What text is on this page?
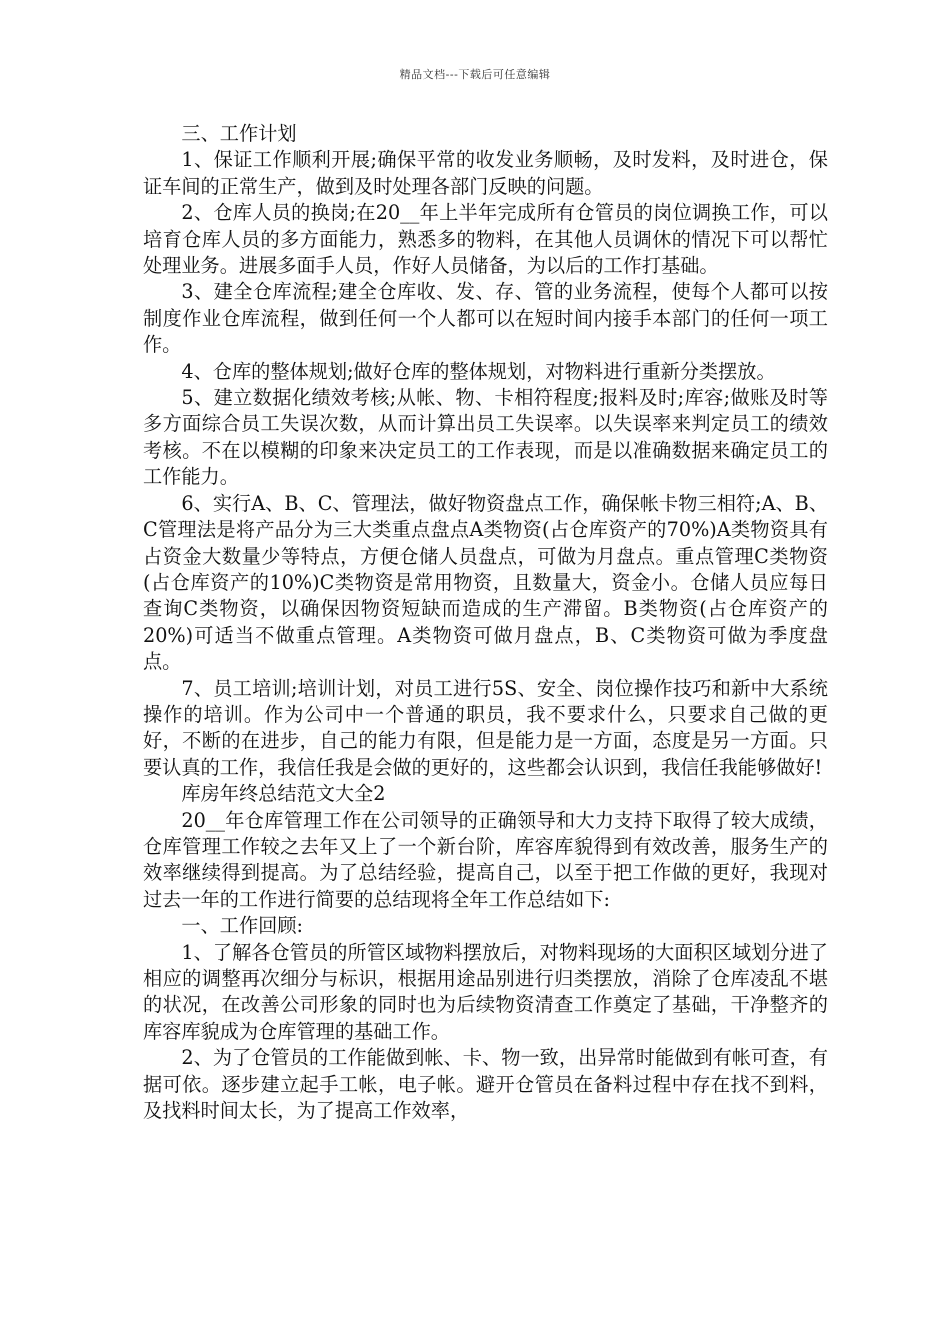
精品文档---下载后可任意编辑

三、工作计划

1、保证工作顺利开展;确保平常的收发业务顺畅，及时发料，及时进仓，保证车间的正常生产，做到及时处理各部门反映的问题。

2、仓库人员的换岗;在20__年上半年完成所有仓管员的岗位调换工作，可以培育仓库人员的多方面能力，熟悉多的物料，在其他人员调休的情况下可以帮忙处理业务。进展多面手人员，作好人员储备，为以后的工作打基础。

3、建全仓库流程;建全仓库收、发、存、管的业务流程，使每个人都可以按制度作业仓库流程，做到任何一个人都可以在短时间内接手本部门的任何一项工作。

4、仓库的整体规划;做好仓库的整体规划，对物料进行重新分类摆放。

5、建立数据化绩效考核;从帐、物、卡相符程度;报料及时;库容;做账及时等多方面综合员工失误次数，从而计算出员工失误率。以失误率来判定员工的绩效考核。不在以模糊的印象来决定员工的工作表现，而是以准确数据来确定员工的工作能力。

6、实行A、B、C、管理法，做好物资盘点工作，确保帐卡物三相符;A、B、C管理法是将产品分为三大类重点盘点A类物资(占仓库资产的70%)A类物资具有占资金大数量少等特点，方便仓储人员盘点，可做为月盘点。重点管理C类物资(占仓库资产的10%)C类物资是常用物资，且数量大，资金小。仓储人员应每日查询C类物资，以确保因物资短缺而造成的生产滞留。B类物资(占仓库资产的20%)可适当不做重点管理。A类物资可做月盘点，B、C类物资可做为季度盘点。

7、员工培训;培训计划，对员工进行5S、安全、岗位操作技巧和新中大系统操作的培训。作为公司中一个普通的职员，我不要求什么，只要求自己做的更好，不断的在进步，自己的能力有限，但是能力是一方面，态度是另一方面。只要认真的工作，我信任我是会做的更好的，这些都会认识到，我信任我能够做好!

库房年终总结范文大全2

20__年仓库管理工作在公司领导的正确领导和大力支持下取得了较大成绩，仓库管理工作较之去年又上了一个新台阶，库容库貌得到有效改善，服务生产的效率继续得到提高。为了总结经验，提高自己，以至于把工作做的更好，我现对过去一年的工作进行简要的总结现将全年工作总结如下:

一、工作回顾:

1、了解各仓管员的所管区域物料摆放后，对物料现场的大面积区域划分进了相应的调整再次细分与标识，根据用途品别进行归类摆放，消除了仓库凌乱不堪的状况，在改善公司形象的同时也为后续物资清查工作奠定了基础，干净整齐的库容库貌成为仓库管理的基础工作。

2、为了仓管员的工作能做到帐、卡、物一致，出异常时能做到有帐可查，有据可依。逐步建立起手工帐，电子帐。避开仓管员在备料过程中存在找不到料，及找料时间太长，为了提高工作效率，
